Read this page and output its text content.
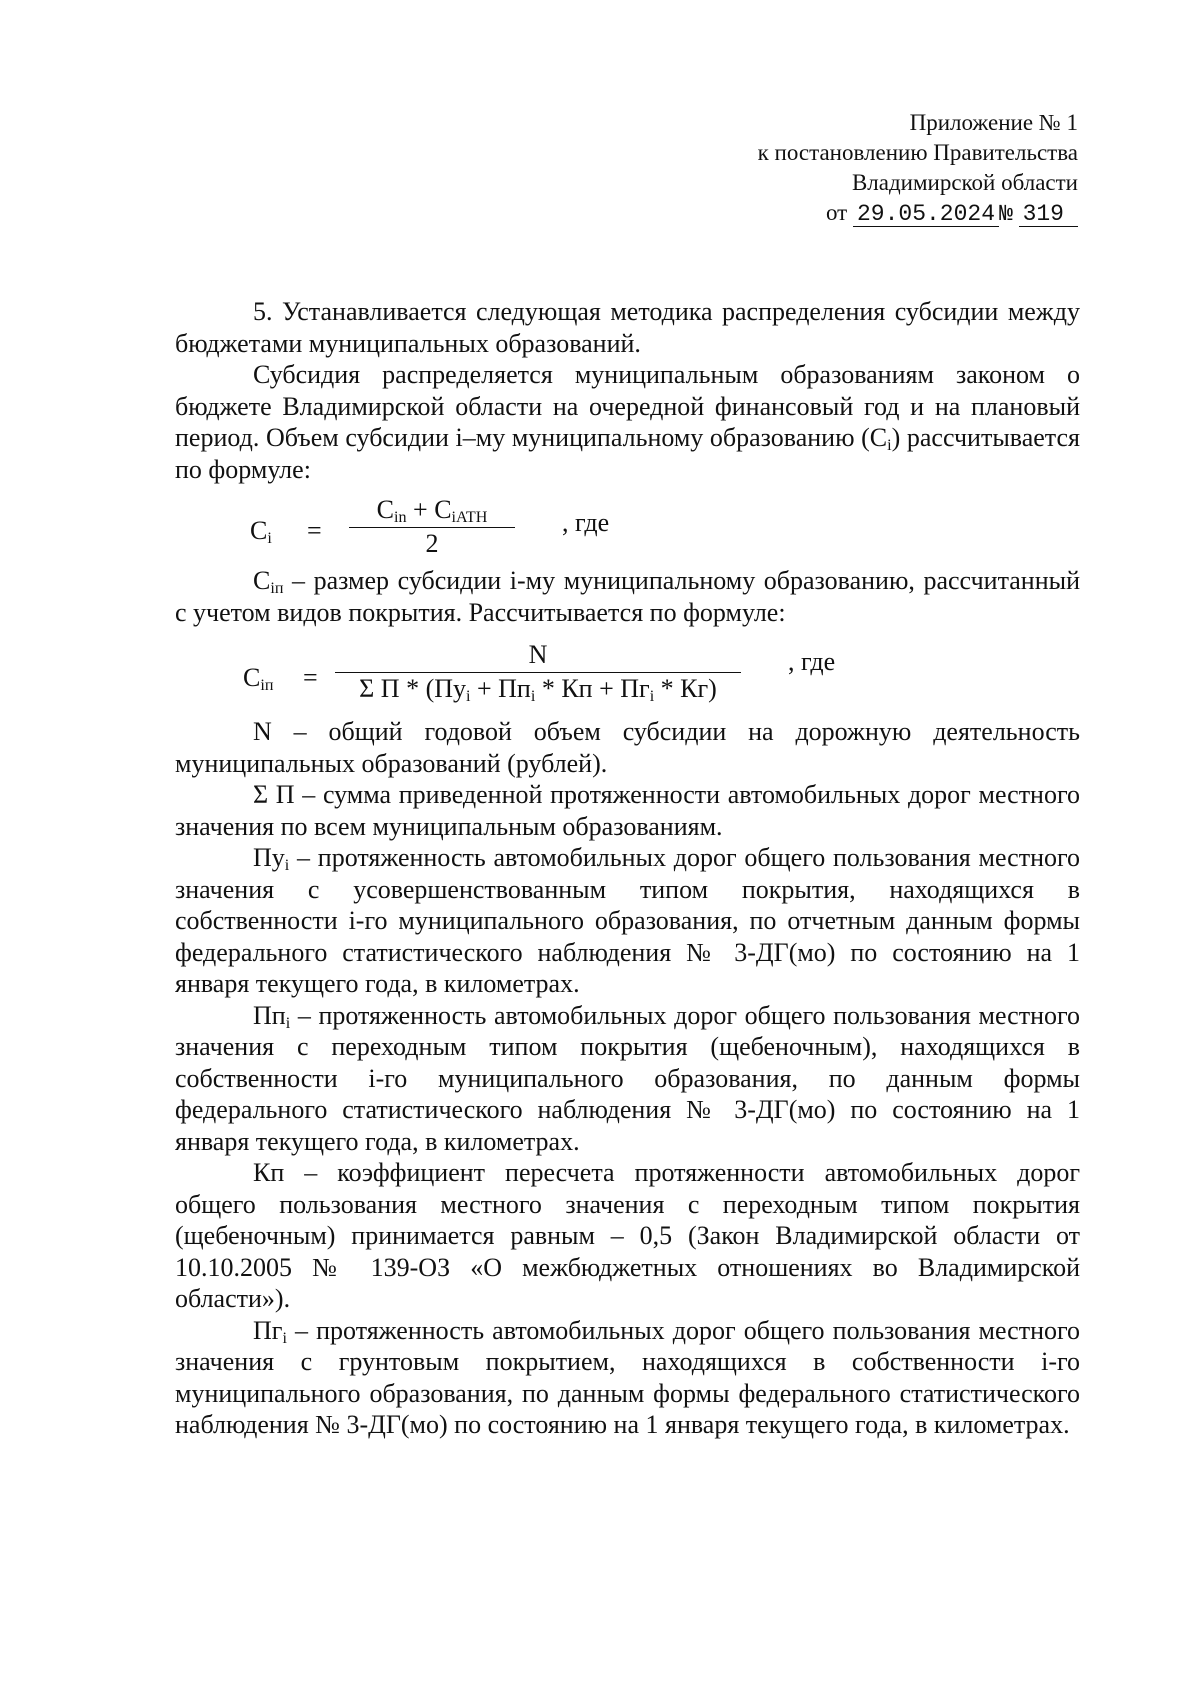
Приложение № 1
к постановлению Правительства
Владимирской области
от 29.05.2024 № 319

5. Устанавливается следующая методика распределения субсидии между бюджетами муниципальных образований.

Субсидия распределяется муниципальным образованиям законом о бюджете Владимирской области на очередной финансовый год и на плановый период. Объем субсидии i–му муниципальному образованию $(C_i)$ рассчитывается по формуле:

$C_i$ =
$C_{in} + C_{iATH}$
2
, где

$C_{iп}$ – размер субсидии i-му муниципальному образованию, рассчитанный с учетом видов покрытия. Рассчитывается по формуле:

$C_{iп}$ =
N
Σ $П * (Пу_i + Пп_i$ * Кп + $Пг_i * Кг$)
, где

N – общий годовой объем субсидии на дорожную деятельность муниципальных образований (рублей).

Σ П – сумма приведенной протяженности автомобильных дорог местного значения по всем муниципальным образованиям.

$Пу_i$ – протяженность автомобильных дорог общего пользования местного значения с усовершенствованным типом покрытия, находящихся в собственности i-го муниципального образования, по отчетным данным формы федерального статистического наблюдения № 3-ДГ(мо) по состоянию на 1 января текущего года, в километрах.

$Пп_i$ – протяженность автомобильных дорог общего пользования местного значения с переходным типом покрытия (щебеночным), находящихся в собственности i-го муниципального образования, по данным формы федерального статистического наблюдения № 3-ДГ(мо) по состоянию на 1 января текущего года, в километрах.

Кп – коэффициент пересчета протяженности автомобильных дорог общего пользования местного значения с переходным типом покрытия (щебеночным) принимается равным – 0,5 (Закон Владимирской области от 10.10.2005 № 139-ОЗ «О межбюджетных отношениях во Владимирской области»).

$Пг_i$ – протяженность автомобильных дорог общего пользования местного значения с грунтовым покрытием, находящихся в собственности i-го муниципального образования, по данным формы федерального статистического наблюдения № 3-ДГ(мо) по состоянию на 1 января текущего года, в километрах.
